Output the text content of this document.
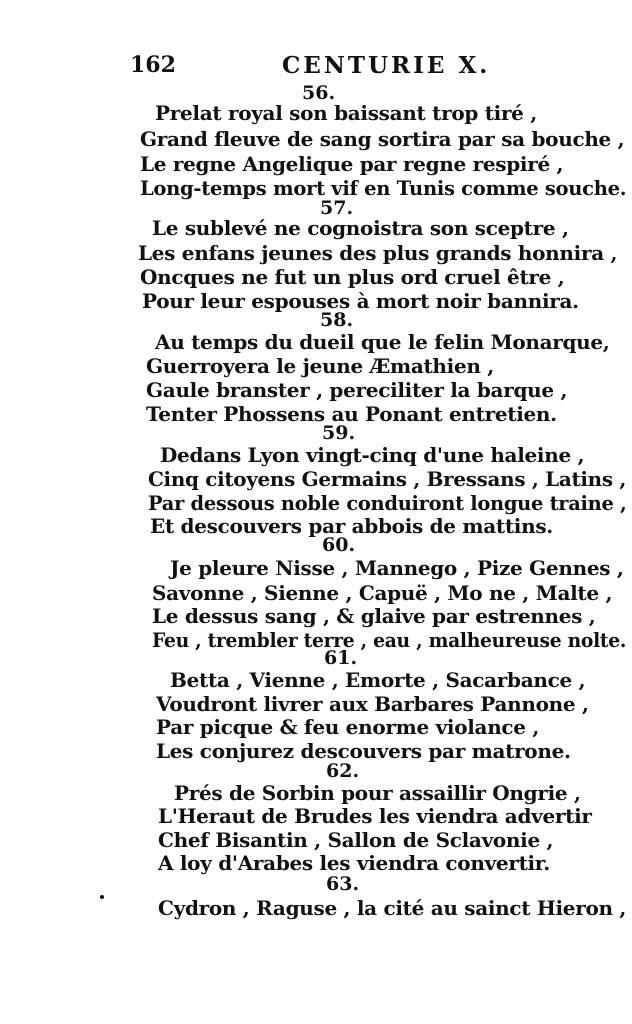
162	CENTURIE X.
56.
Prelat royal son baissant trop tiré ,
Grand fleuve de sang sortira par sa bouche ,
Le regne Angelique par regne respiré ,
Long-temps mort vif en Tunis comme souche.
57.
Le sublevé ne cognoistra son sceptre ,
Les enfans jeunes des plus grands honnira ,
Oncques ne fut un plus ord cruel être ,
Pour leur espouses à mort noir bannira.
58.
Au temps du dueil que le felin Monarque,
Guerroyera le jeune Æmathien ,
Gaule branster , pereciliter la barque ,
Tenter Phossens au Ponant entretien.
59.
Dedans Lyon vingt-cinq d'une haleine ,
Cinq citoyens Germains , Bressans , Latins ,
Par dessous noble conduiront longue traine ,
Et descouvers par abbois de mattins.
60.
Je pleure Nisse , Mannego , Pize Gennes ,
Savonne , Sienne , Capuë , Mo ne , Malte ,
Le dessus sang , & glaive par estrennes ,
Feu , trembler terre , eau , malheureuse nolte.
61.
Betta , Vienne , Emorte , Sacarbance ,
Voudront livrer aux Barbares Pannone ,
Par picque & feu enorme violance ,
Les conjurez descouvers par matrone.
62.
Prés de Sorbin pour assaillir Ongrie ,
L'Heraut de Brudes les viendra advertir
Chef Bisantin , Sallon de Sclavonie ,
A loy d'Arabes les viendra convertir.
63.
Cydron , Raguse , la cité au sainct Hieron ,
